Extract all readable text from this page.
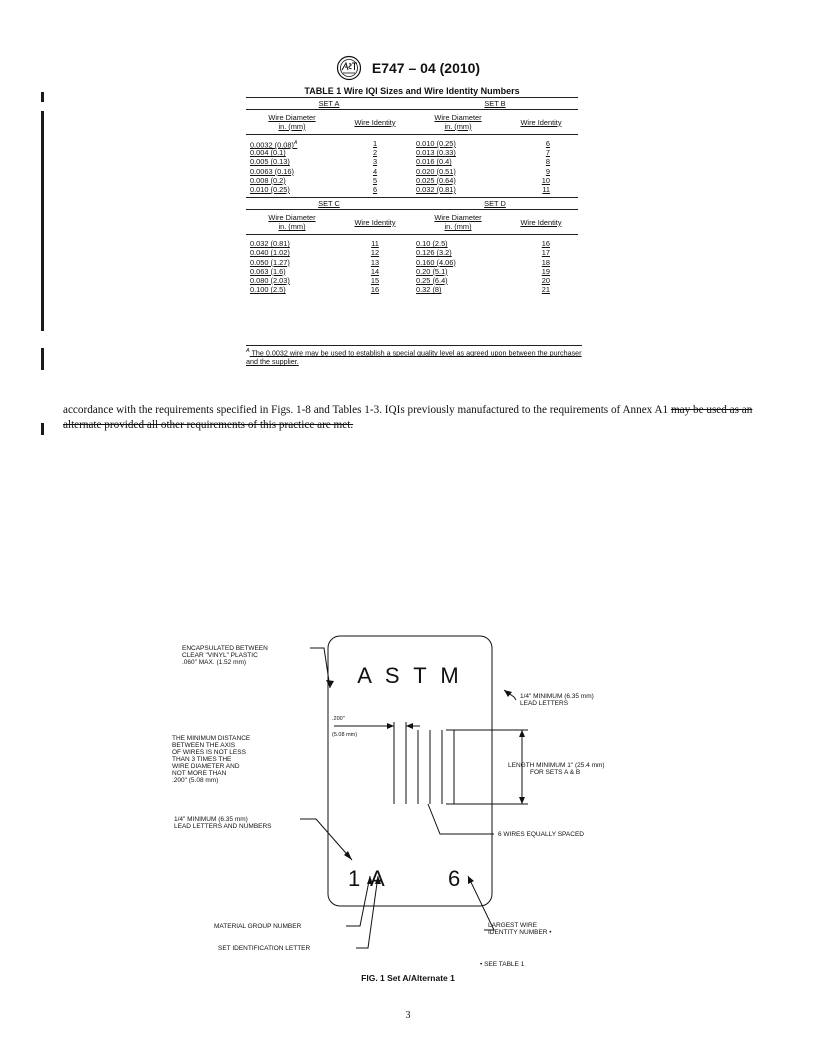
E747 – 04 (2010)
TABLE 1 Wire IQI Sizes and Wire Identity Numbers
SET A	SET B
Wire Diameter
in. (mm)	Wire Identity	Wire Diameter
in. (mm)	Wire Identity
0.0032 $(0.08)^A$	1	0.010 (0.25)	6
0.004 (0.1)	2	0.013 (0.33)	7
0.005 (0.13)	3	0.016 (0.4)	8
0.0063 (0.16)	4	0.020 (0.51)	9
0.008 (0.2)	5	0.025 (0.64)	10
0.010 (0.25)	6	0.032 (0.81)	11
SET C	SET D
Wire Diameter
in. (mm)	Wire Identity	Wire Diameter
in. (mm)	Wire Identity
0.032 (0.81)	11	0.10 (2.5)	16
0.040 (1.02)	12	0.126 (3.2)	17
0.050 (1.27)	13	0.160 (4.06)	18
0.063 (1.6)	14	0.20 (5.1)	19
0.080 (2.03)	15	0.25 (6.4)	20
0.100 (2.5)	16	0.32 (8)	21
$^A$ The 0.0032 wire may be used to establish a special quality level as agreed upon between the purchaser and the supplier.
accordance with the requirements specified in Figs. 1-8 and Tables 1-3. IQIs previously manufactured to the requirements of Annex A1 may be used as an alternate provided all other requirements of this practice are met.
A S T M
1 A	6
.200"
(5.08 mm)
ENCAPSULATED BETWEEN CLEAR "VINYL" PLASTIC .060" MAX. (1.52 mm)
1/4" MINIMUM (6.35 mm) LEAD LETTERS
THE MINIMUM DISTANCE BETWEEN THE AXIS OF WIRES IS NOT LESS THAN 3 TIMES THE WIRE DIAMETER AND NOT MORE THAN .200" (5.08 mm)
LENGTH MINIMUM 1" (25.4 mm) FOR SETS A & B
1/4" MINIMUM (6.35 mm) LEAD LETTERS AND NUMBERS
6 WIRES EQUALLY SPACED
MATERIAL GROUP NUMBER
SET IDENTIFICATION LETTER
LARGEST WIRE IDENTITY NUMBER •
• SEE TABLE 1
FIG. 1 Set A/Alternate 1
3
